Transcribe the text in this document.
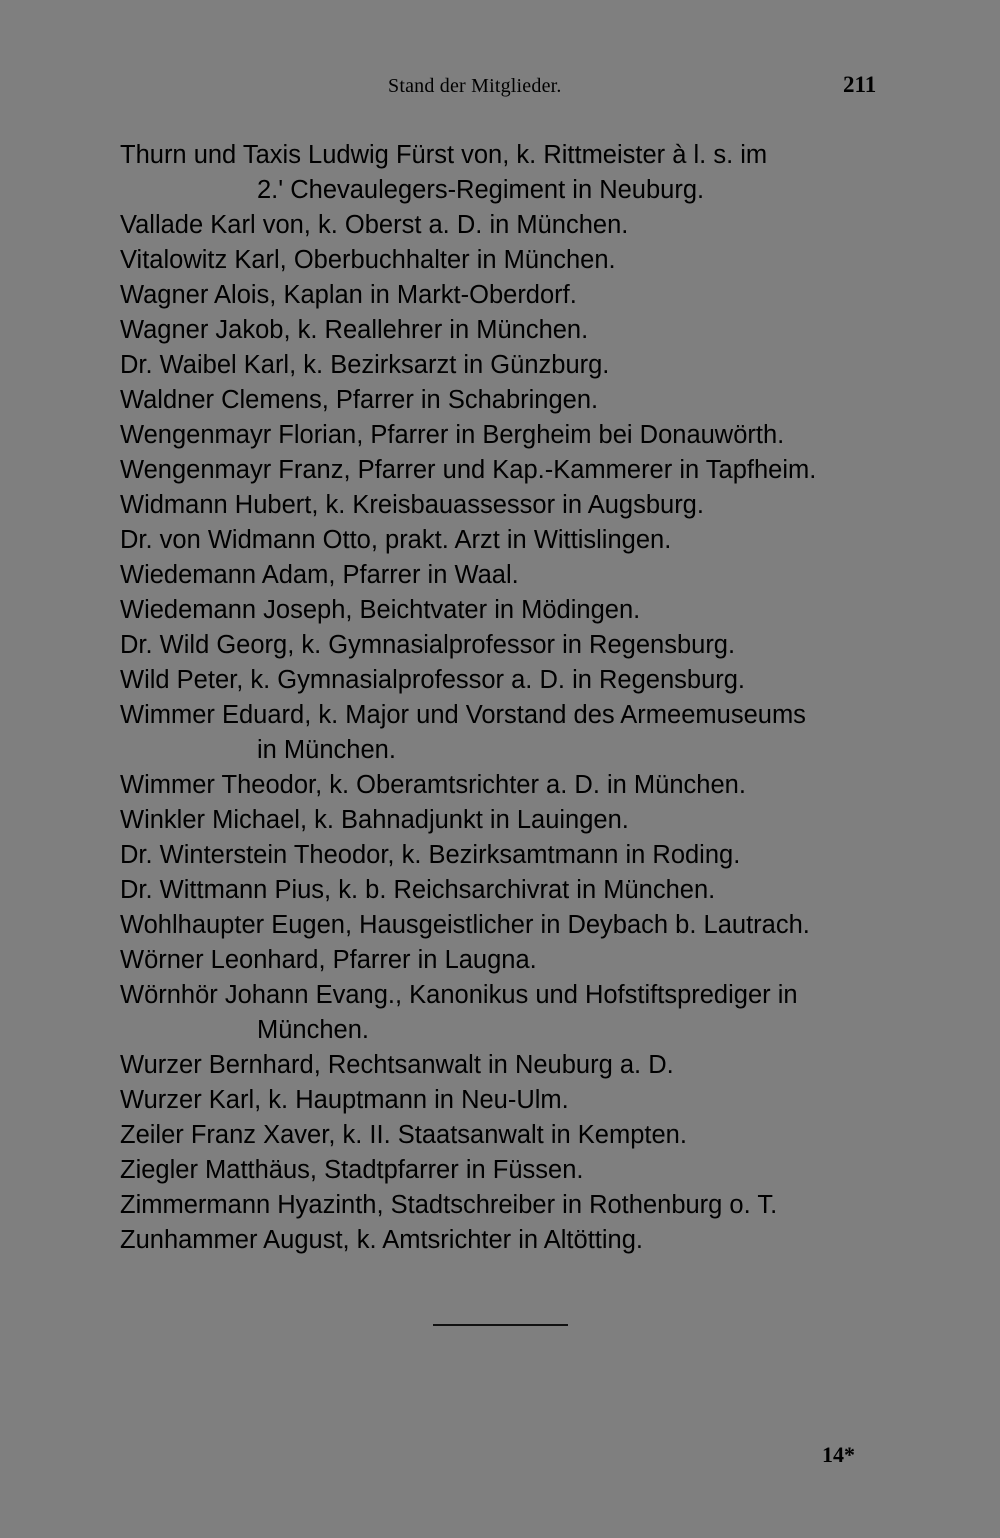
Stand der Mitglieder.	211
Thurn und Taxis Ludwig Fürst von, k. Rittmeister à l. s. im
2.' Chevaulegers-Regiment in Neuburg.
Vallade Karl von, k. Oberst a. D. in München.
Vitalowitz Karl, Oberbuchhalter in München.
Wagner Alois, Kaplan in Markt-Oberdorf.
Wagner Jakob, k. Reallehrer in München.
Dr. Waibel Karl, k. Bezirksarzt in Günzburg.
Waldner Clemens, Pfarrer in Schabringen.
Wengenmayr Florian, Pfarrer in Bergheim bei Donauwörth.
Wengenmayr Franz, Pfarrer und Kap.-Kammerer in Tapfheim.
Widmann Hubert, k. Kreisbauassessor in Augsburg.
Dr. von Widmann Otto, prakt. Arzt in Wittislingen.
Wiedemann Adam, Pfarrer in Waal.
Wiedemann Joseph, Beichtvater in Mödingen.
Dr. Wild Georg, k. Gymnasialprofessor in Regensburg.
Wild Peter, k. Gymnasialprofessor a. D. in Regensburg.
Wimmer Eduard, k. Major und Vorstand des Armeemuseums
in München.
Wimmer Theodor, k. Oberamtsrichter a. D. in München.
Winkler Michael, k. Bahnadjunkt in Lauingen.
Dr. Winterstein Theodor, k. Bezirksamtmann in Roding.
Dr. Wittmann Pius, k. b. Reichsarchivrat in München.
Wohlhaupter Eugen, Hausgeistlicher in Deybach b. Lautrach.
Wörner Leonhard, Pfarrer in Laugna.
Wörnhör Johann Evang., Kanonikus und Hofstiftsprediger in
München.
Wurzer Bernhard, Rechtsanwalt in Neuburg a. D.
Wurzer Karl, k. Hauptmann in Neu-Ulm.
Zeiler Franz Xaver, k. II. Staatsanwalt in Kempten.
Ziegler Matthäus, Stadtpfarrer in Füssen.
Zimmermann Hyazinth, Stadtschreiber in Rothenburg o. T.
Zunhammer August, k. Amtsrichter in Altötting.
14*
